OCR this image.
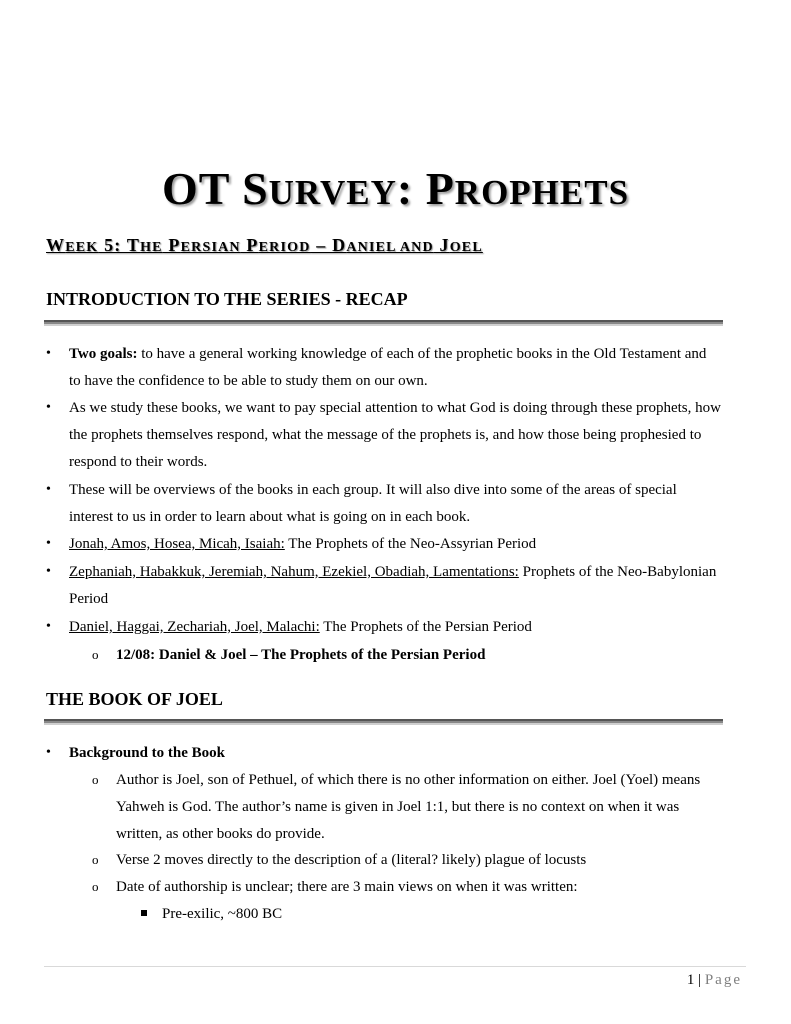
OT SURVEY: PROPHETS
WEEK 5: THE PERSIAN PERIOD – DANIEL AND JOEL
INTRODUCTION TO THE SERIES - RECAP
• Two goals: to have a general working knowledge of each of the prophetic books in the Old Testament and
to have the confidence to be able to study them on our own.
• As we study these books, we want to pay special attention to what God is doing through these prophets, how
the prophets themselves respond, what the message of the prophets is, and how those being prophesied to
respond to their words.
• These will be overviews of the books in each group. It will also dive into some of the areas of special
interest to us in order to learn about what is going on in each book.
• Jonah, Amos, Hosea, Micah, Isaiah: The Prophets of the Neo-Assyrian Period
• Zephaniah, Habakkuk, Jeremiah, Nahum, Ezekiel, Obadiah, Lamentations: Prophets of the Neo-Babylonian
Period
• Daniel, Haggai, Zechariah, Joel, Malachi: The Prophets of the Persian Period
o 12/08: Daniel & Joel – The Prophets of the Persian Period
THE BOOK OF JOEL
• Background to the Book
o Author is Joel, son of Pethuel, of which there is no other information on either. Joel (Yoel) means
Yahweh is God. The author’s name is given in Joel 1:1, but there is no context on when it was
written, as other books do provide.
o Verse 2 moves directly to the description of a (literal? likely) plague of locusts
o Date of authorship is unclear; there are 3 main views on when it was written:
Pre-exilic, ~800 BC
1 | Page
